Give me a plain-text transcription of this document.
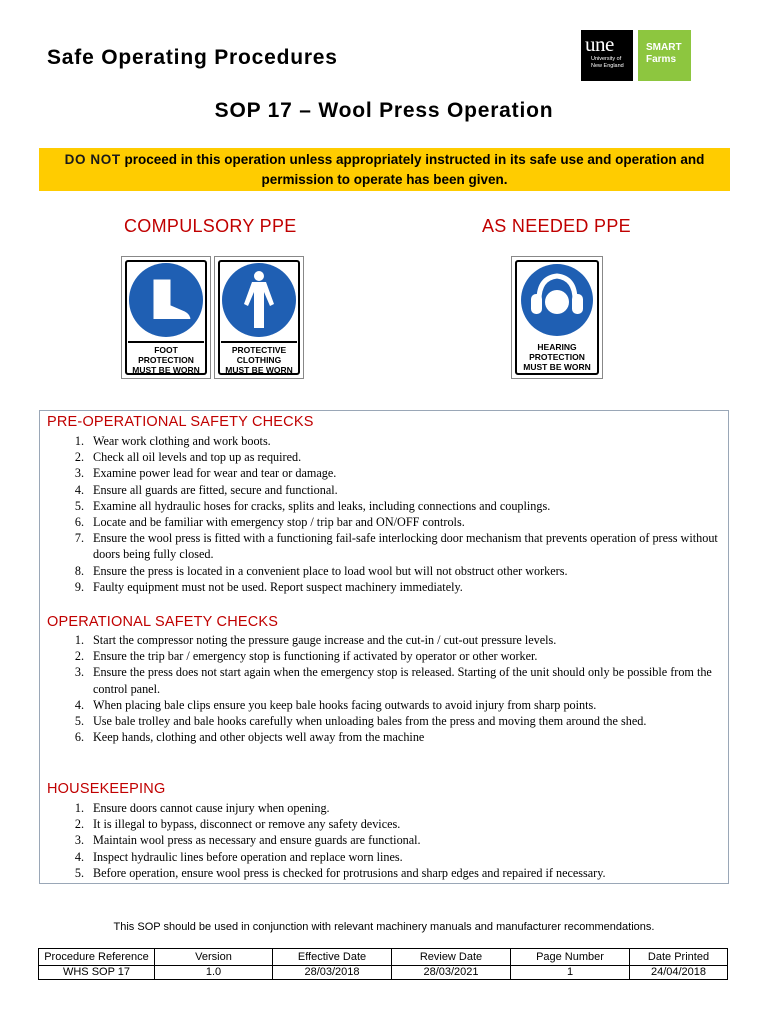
Safe Operating Procedures
une
University of New England
SMART
Farms
SOP 17 – Wool Press Operation
DO NOT proceed in this operation unless appropriately instructed in its safe use and operation and permission to operate has been given.
COMPULSORY PPE	AS NEEDED PPE
FOOT
PROTECTION
MUST BE WORN
PROTECTIVE
CLOTHING
MUST BE WORN
HEARING
PROTECTION
MUST BE WORN
PRE-OPERATIONAL SAFETY CHECKS
1. Wear work clothing and work boots.
2. Check all oil levels and top up as required.
3. Examine power lead for wear and tear or damage.
4. Ensure all guards are fitted, secure and functional.
5. Examine all hydraulic hoses for cracks, splits and leaks, including connections and couplings.
6. Locate and be familiar with emergency stop / trip bar and ON/OFF controls.
7. Ensure the wool press is fitted with a functioning fail-safe interlocking door mechanism that prevents operation of press without doors being fully closed.
8. Ensure the press is located in a convenient place to load wool but will not obstruct other workers.
9. Faulty equipment must not be used. Report suspect machinery immediately.
OPERATIONAL SAFETY CHECKS
1. Start the compressor noting the pressure gauge increase and the cut-in / cut-out pressure levels.
2. Ensure the trip bar / emergency stop is functioning if activated by operator or other worker.
3. Ensure the press does not start again when the emergency stop is released. Starting of the unit should only be possible from the control panel.
4. When placing bale clips ensure you keep bale hooks facing outwards to avoid injury from sharp points.
5. Use bale trolley and bale hooks carefully when unloading bales from the press and moving them around the shed.
6. Keep hands, clothing and other objects well away from the machine
HOUSEKEEPING
1. Ensure doors cannot cause injury when opening.
2. It is illegal to bypass, disconnect or remove any safety devices.
3. Maintain wool press as necessary and ensure guards are functional.
4. Inspect hydraulic lines before operation and replace worn lines.
5. Before operation, ensure wool press is checked for protrusions and sharp edges and repaired if necessary.
This SOP should be used in conjunction with relevant machinery manuals and manufacturer recommendations.
Procedure Reference	Version	Effective Date	Review Date	Page Number	Date Printed
WHS SOP 17	1.0	28/03/2018	28/03/2021	1	24/04/2018
